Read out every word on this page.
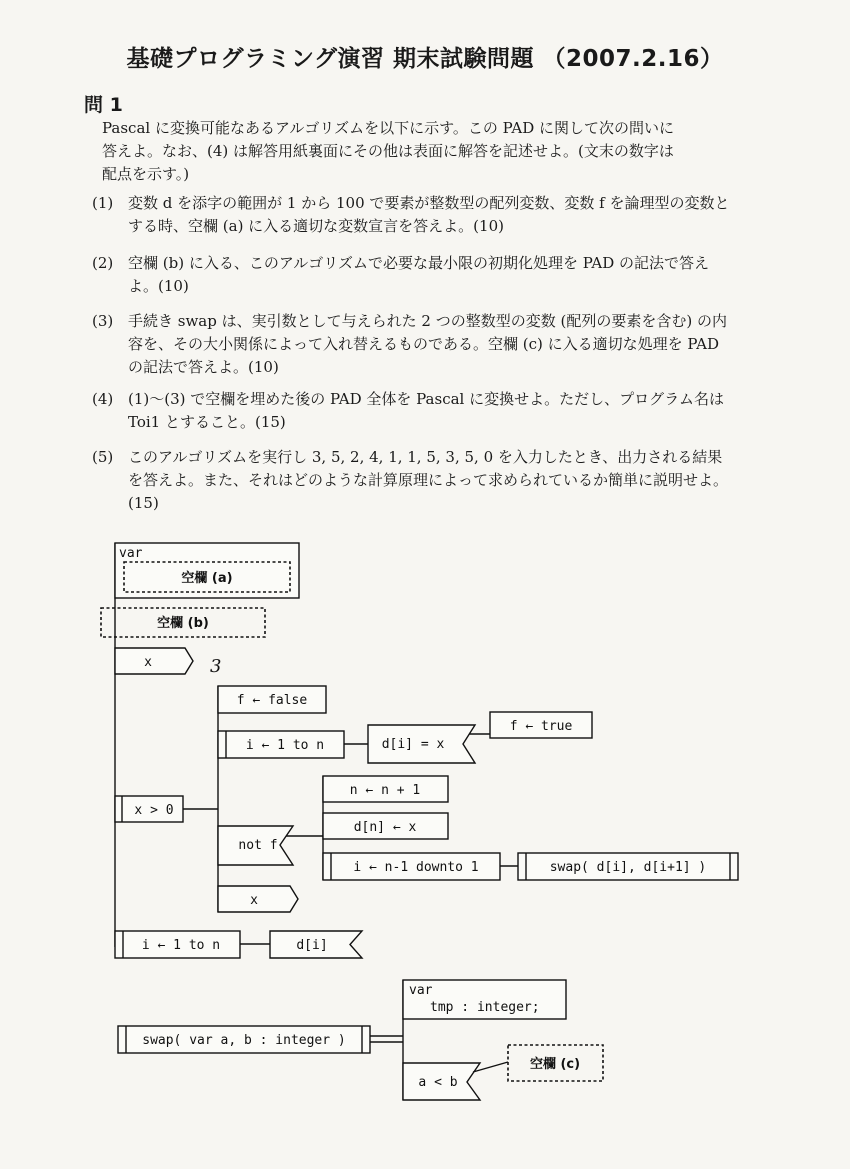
基礎プログラミング演習 期末試験問題 （2007.2.16）
問 1
Pascal に変換可能なあるアルゴリズムを以下に示す。この PAD に関して次の問いに
答えよ。なお、(4) は解答用紙裏面にその他は表面に解答を記述せよ。(文末の数字は
配点を示す。)
(1) 変数 d を添字の範囲が 1 から 100 で要素が整数型の配列変数、変数 f を論理型の変数と
する時、空欄 (a) に入る適切な変数宣言を答えよ。(10)
(2) 空欄 (b) に入る、このアルゴリズムで必要な最小限の初期化処理を PAD の記法で答え
よ。(10)
(3) 手続き swap は、実引数として与えられた 2 つの整数型の変数 (配列の要素を含む) の内
容を、その大小関係によって入れ替えるものである。空欄 (c) に入る適切な処理を PAD
の記法で答えよ。(10)
(4) (1)〜(3) で空欄を埋めた後の PAD 全体を Pascal に変換せよ。ただし、プログラム名は
Toi1 とすること。(15)
(5) このアルゴリズムを実行し 3, 5, 2, 4, 1, 1, 5, 3, 5, 0 を入力したとき、出力される結果
を答えよ。また、それはどのような計算原理によって求められているか簡単に説明せよ。
(15)
var
空欄 (a)
空欄 (b)
x	3
x > 0
f ← false
i ← 1 to n	d[i] = x
f ← true
not f
n ← n + 1
d[n] ← x
i ← n-1 downto 1	swap( d[i], d[i+1] )
x
i ← 1 to n	d[i]
swap( var a, b : integer )
var
tmp : integer;
a < b
空欄 (c)
